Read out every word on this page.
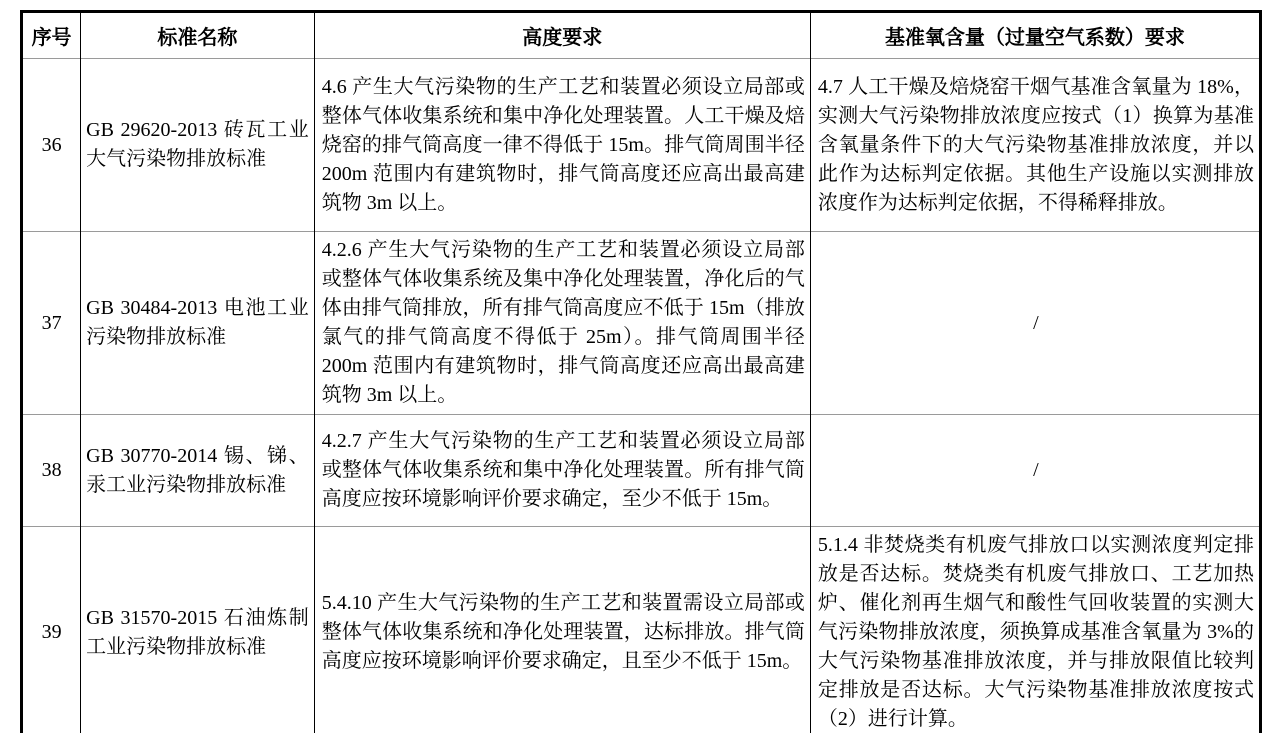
序号	标准名称	高度要求	基准氧含量（过量空气系数）要求
36	GB 29620-2013 砖瓦工业大气污染物排放标准	4.6 产生大气污染物的生产工艺和装置必须设立局部或整体气体收集系统和集中净化处理装置。人工干燥及焙烧窑的排气筒高度一律不得低于 15m。排气筒周围半径 200m 范围内有建筑物时，排气筒高度还应高出最高建筑物 3m 以上。	4.7 人工干燥及焙烧窑干烟气基准含氧量为 18%，实测大气污染物排放浓度应按式（1）换算为基准含氧量条件下的大气污染物基准排放浓度，并以此作为达标判定依据。其他生产设施以实测排放浓度作为达标判定依据，不得稀释排放。
37	GB 30484-2013 电池工业污染物排放标准	4.2.6 产生大气污染物的生产工艺和装置必须设立局部或整体气体收集系统及集中净化处理装置，净化后的气体由排气筒排放，所有排气筒高度应不低于 15m（排放氯气的排气筒高度不得低于 25m）。排气筒周围半径 200m 范围内有建筑物时，排气筒高度还应高出最高建筑物 3m 以上。	/
38	GB 30770-2014 锡、锑、汞工业污染物排放标准	4.2.7 产生大气污染物的生产工艺和装置必须设立局部或整体气体收集系统和集中净化处理装置。所有排气筒高度应按环境影响评价要求确定，至少不低于 15m。	/
39	GB 31570-2015 石油炼制工业污染物排放标准	5.4.10 产生大气污染物的生产工艺和装置需设立局部或整体气体收集系统和净化处理装置，达标排放。排气筒高度应按环境影响评价要求确定，且至少不低于 15m。	5.1.4 非焚烧类有机废气排放口以实测浓度判定排放是否达标。焚烧类有机废气排放口、工艺加热炉、催化剂再生烟气和酸性气回收装置的实测大气污染物排放浓度，须换算成基准含氧量为 3%的大气污染物基准排放浓度，并与排放限值比较判定排放是否达标。大气污染物基准排放浓度按式（2）进行计算。
